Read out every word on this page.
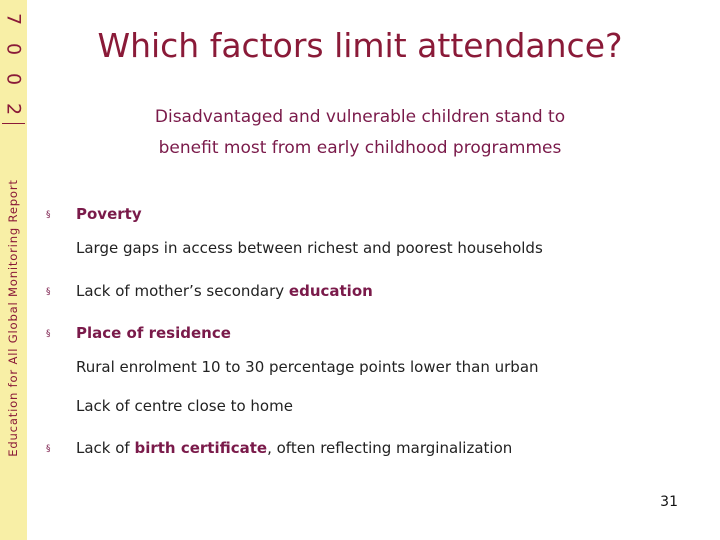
7
0
0
2
Education for All Global Monitoring Report
Which factors limit attendance?
Disadvantaged and vulnerable children stand to
benefit most from early childhood programmes
§ Poverty
Large gaps in access between richest and poorest households
§ Lack of mother’s secondary education
§ Place of residence
Rural enrolment 10 to 30 percentage points lower than urban
Lack of centre close to home
§ Lack of birth certificate, often reflecting marginalization
31
